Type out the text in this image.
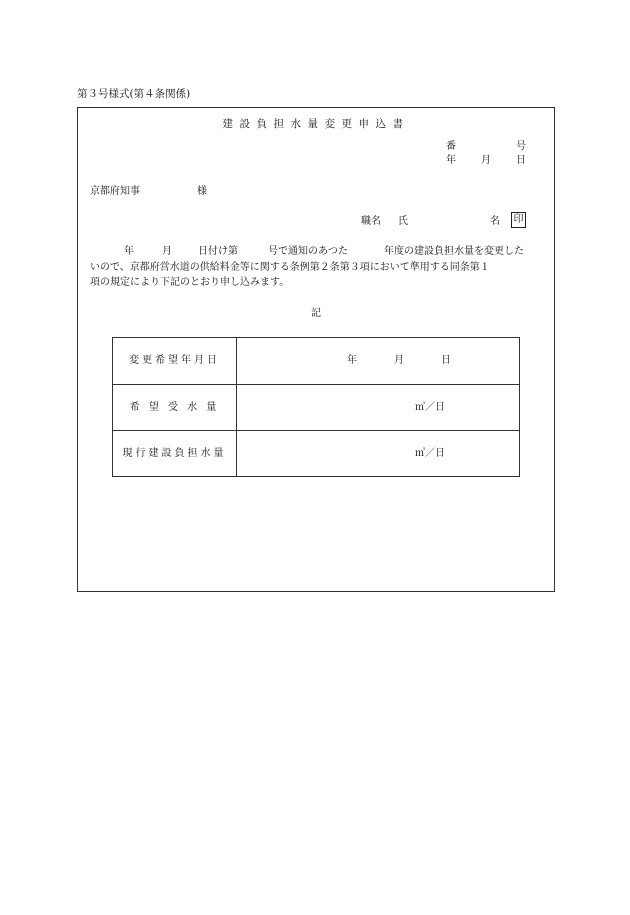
第３号様式(第４条関係)
建設負担水量変更申込書
番	号
年	月	日
京都府知事	様
職名 氏	名 印
年	月	日付け第	号で通知のあつた	年度の建設負担水量を変更した
いので、京都府営水道の供給料金等に関する条例第２条第３項において準用する同条第１
項の規定により下記のとおり申し込みます。
記
変更希望年月日	年	月	日
希 望 受 水 量	㎥／日
現行建設負担水量	㎥／日
